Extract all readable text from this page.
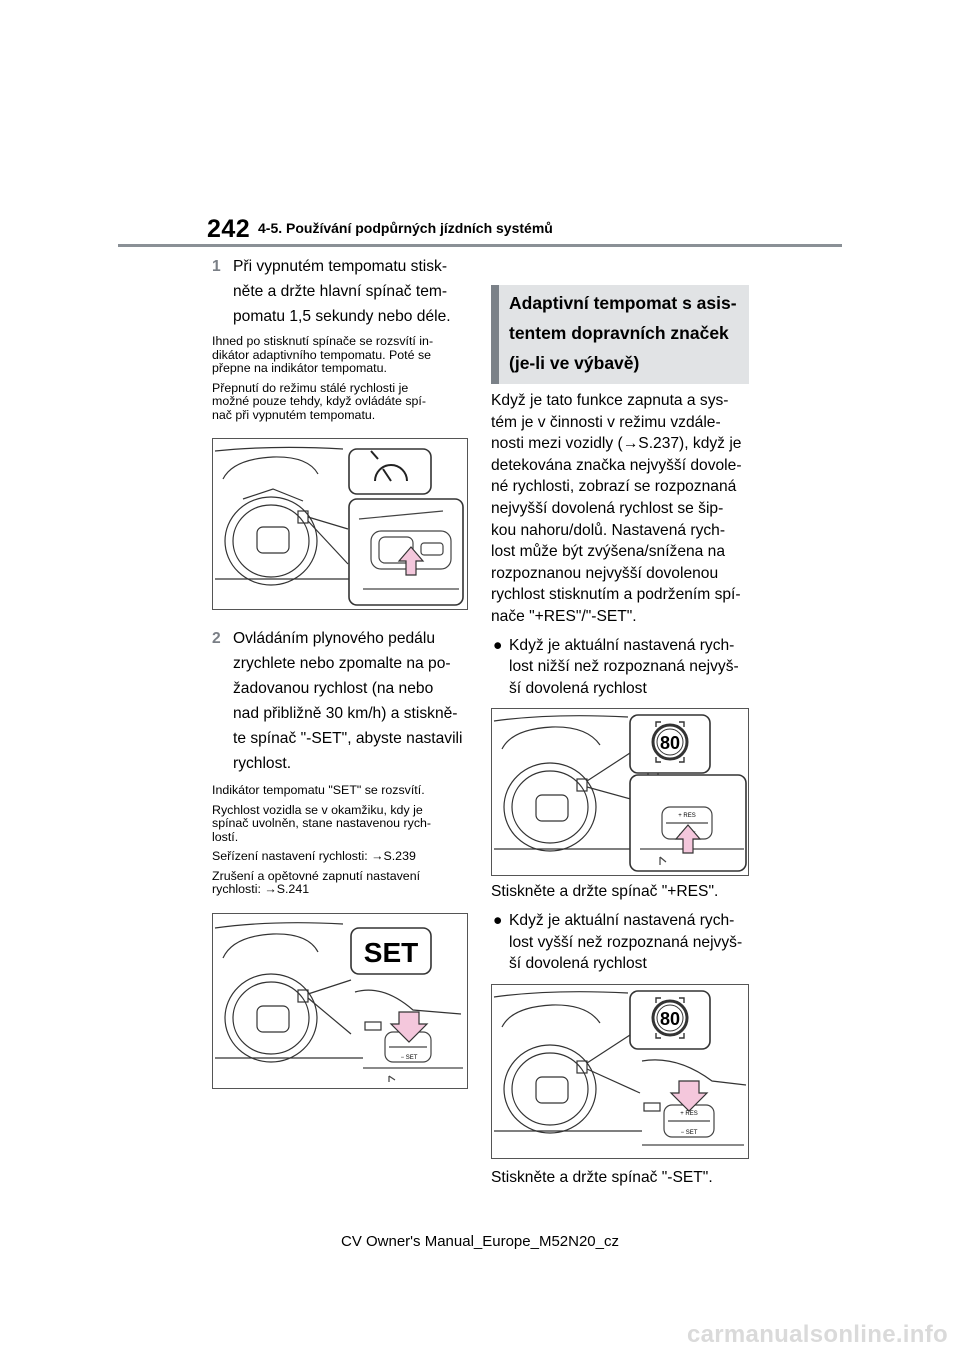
242 4-5. Používání podpůrných jízdních systémů
1 Při vypnutém tempomatu stisk-
něte a držte hlavní spínač tem-
pomatu 1,5 sekundy nebo déle.
Ihned po stisknutí spínače se rozsvítí in-
dikátor adaptivního tempomatu. Poté se
přepne na indikátor tempomatu.
Přepnutí do režimu stálé rychlosti je
možné pouze tehdy, když ovládáte spí-
nač při vypnutém tempomatu.
2 Ovládáním plynového pedálu
zrychlete nebo zpomalte na po-
žadovanou rychlost (na nebo
nad přibližně 30 km/h) a stiskně-
te spínač "-SET", abyste nastavili
rychlost.
Indikátor tempomatu "SET" se rozsvítí.
Rychlost vozidla se v okamžiku, kdy je
spínač uvolněn, stane nastavenou rych-
lostí.
Seřízení nastavení rychlosti: →S.239
Zrušení a opětovné zapnutí nastavení
rychlosti: →S.241
SET
− SET
Adaptivní tempomat s asis-
tentem dopravních značek
(je-li ve výbavě)
Když je tato funkce zapnuta a sys-
tém je v činnosti v režimu vzdále-
nosti mezi vozidly (→S.237), když je
detekována značka nejvyšší dovole-
né rychlosti, zobrazí se rozpoznaná
nejvyšší dovolená rychlost se šip-
kou nahoru/dolů. Nastavená rych-
lost může být zvýšena/snížena na
rozpoznanou nejvyšší dovolenou
rychlost stisknutím a podržením spí-
nače "+RES"/"-SET".
● Když je aktuální nastavená rych-
lost nižší než rozpoznaná nejvyš-
ší dovolená rychlost
80
+ RES
Stiskněte a držte spínač "+RES".
● Když je aktuální nastavená rych-
lost vyšší než rozpoznaná nejvyš-
ší dovolená rychlost
80
+ RES
− SET
Stiskněte a držte spínač "-SET".
CV Owner's Manual_Europe_M52N20_cz
carmanualsonline.info
